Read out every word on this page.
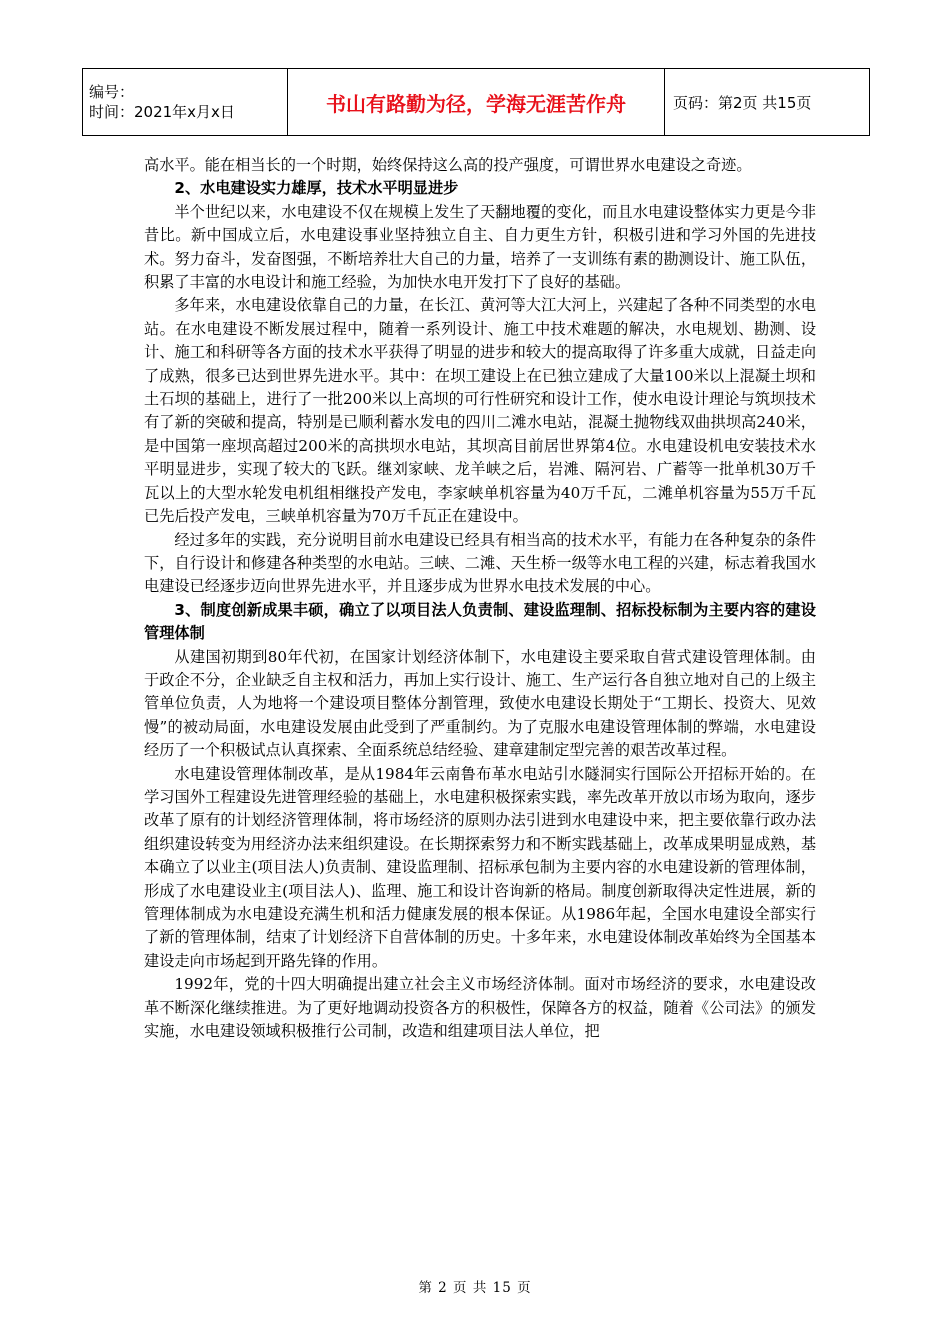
编号：
时间：2021年x月x日	书山有路勤为径，学海无涯苦作舟	页码：第2页 共15页

高水平。能在相当长的一个时期，始终保持这么高的投产强度，可谓世界水电建设之奇迹。

2、水电建设实力雄厚，技术水平明显进步

半个世纪以来，水电建设不仅在规模上发生了天翻地覆的变化，而且水电建设整体实力更是今非昔比。新中国成立后，水电建设事业坚持独立自主、自力更生方针，积极引进和学习外国的先进技术。努力奋斗，发奋图强，不断培养壮大自己的力量，培养了一支训练有素的勘测设计、施工队伍，积累了丰富的水电设计和施工经验，为加快水电开发打下了良好的基础。

多年来，水电建设依靠自己的力量，在长江、黄河等大江大河上，兴建起了各种不同类型的水电站。在水电建设不断发展过程中，随着一系列设计、施工中技术难题的解决，水电规划、勘测、设计、施工和科研等各方面的技术水平获得了明显的进步和较大的提高取得了许多重大成就，日益走向了成熟，很多已达到世界先进水平。其中：在坝工建设上在已独立建成了大量100米以上混凝土坝和土石坝的基础上，进行了一批200米以上高坝的可行性研究和设计工作，使水电设计理论与筑坝技术有了新的突破和提高，特别是已顺利蓄水发电的四川二滩水电站，混凝土抛物线双曲拱坝高240米，是中国第一座坝高超过200米的高拱坝水电站，其坝高目前居世界第4位。水电建设机电安装技术水平明显进步，实现了较大的飞跃。继刘家峡、龙羊峡之后，岩滩、隔河岩、广蓄等一批单机30万千瓦以上的大型水轮发电机组相继投产发电，李家峡单机容量为40万千瓦，二滩单机容量为55万千瓦已先后投产发电，三峡单机容量为70万千瓦正在建设中。

经过多年的实践，充分说明目前水电建设已经具有相当高的技术水平，有能力在各种复杂的条件下，自行设计和修建各种类型的水电站。三峡、二滩、天生桥一级等水电工程的兴建，标志着我国水电建设已经逐步迈向世界先进水平，并且逐步成为世界水电技术发展的中心。

3、制度创新成果丰硕，确立了以项目法人负责制、建设监理制、招标投标制为主要内容的建设管理体制

从建国初期到80年代初，在国家计划经济体制下，水电建设主要采取自营式建设管理体制。由于政企不分，企业缺乏自主权和活力，再加上实行设计、施工、生产运行各自独立地对自己的上级主管单位负责，人为地将一个建设项目整体分割管理，致使水电建设长期处于“工期长、投资大、见效慢”的被动局面，水电建设发展由此受到了严重制约。为了克服水电建设管理体制的弊端，水电建设经历了一个积极试点认真探索、全面系统总结经验、建章建制定型完善的艰苦改革过程。

水电建设管理体制改革，是从1984年云南鲁布革水电站引水隧洞实行国际公开招标开始的。在学习国外工程建设先进管理经验的基础上，水电建积极探索实践，率先改革开放以市场为取向，逐步改革了原有的计划经济管理体制，将市场经济的原则办法引进到水电建设中来，把主要依靠行政办法组织建设转变为用经济办法来组织建设。在长期探索努力和不断实践基础上，改革成果明显成熟，基本确立了以业主(项目法人)负责制、建设监理制、招标承包制为主要内容的水电建设新的管理体制，形成了水电建设业主(项目法人)、监理、施工和设计咨询新的格局。制度创新取得决定性进展，新的管理体制成为水电建设充满生机和活力健康发展的根本保证。从1986年起，全国水电建设全部实行了新的管理体制，结束了计划经济下自营体制的历史。十多年来，水电建设体制改革始终为全国基本建设走向市场起到开路先锋的作用。

1992年，党的十四大明确提出建立社会主义市场经济体制。面对市场经济的要求，水电建设改革不断深化继续推进。为了更好地调动投资各方的积极性，保障各方的权益，随着《公司法》的颁发实施，水电建设领域积极推行公司制，改造和组建项目法人单位，把

第 2 页 共 15 页
